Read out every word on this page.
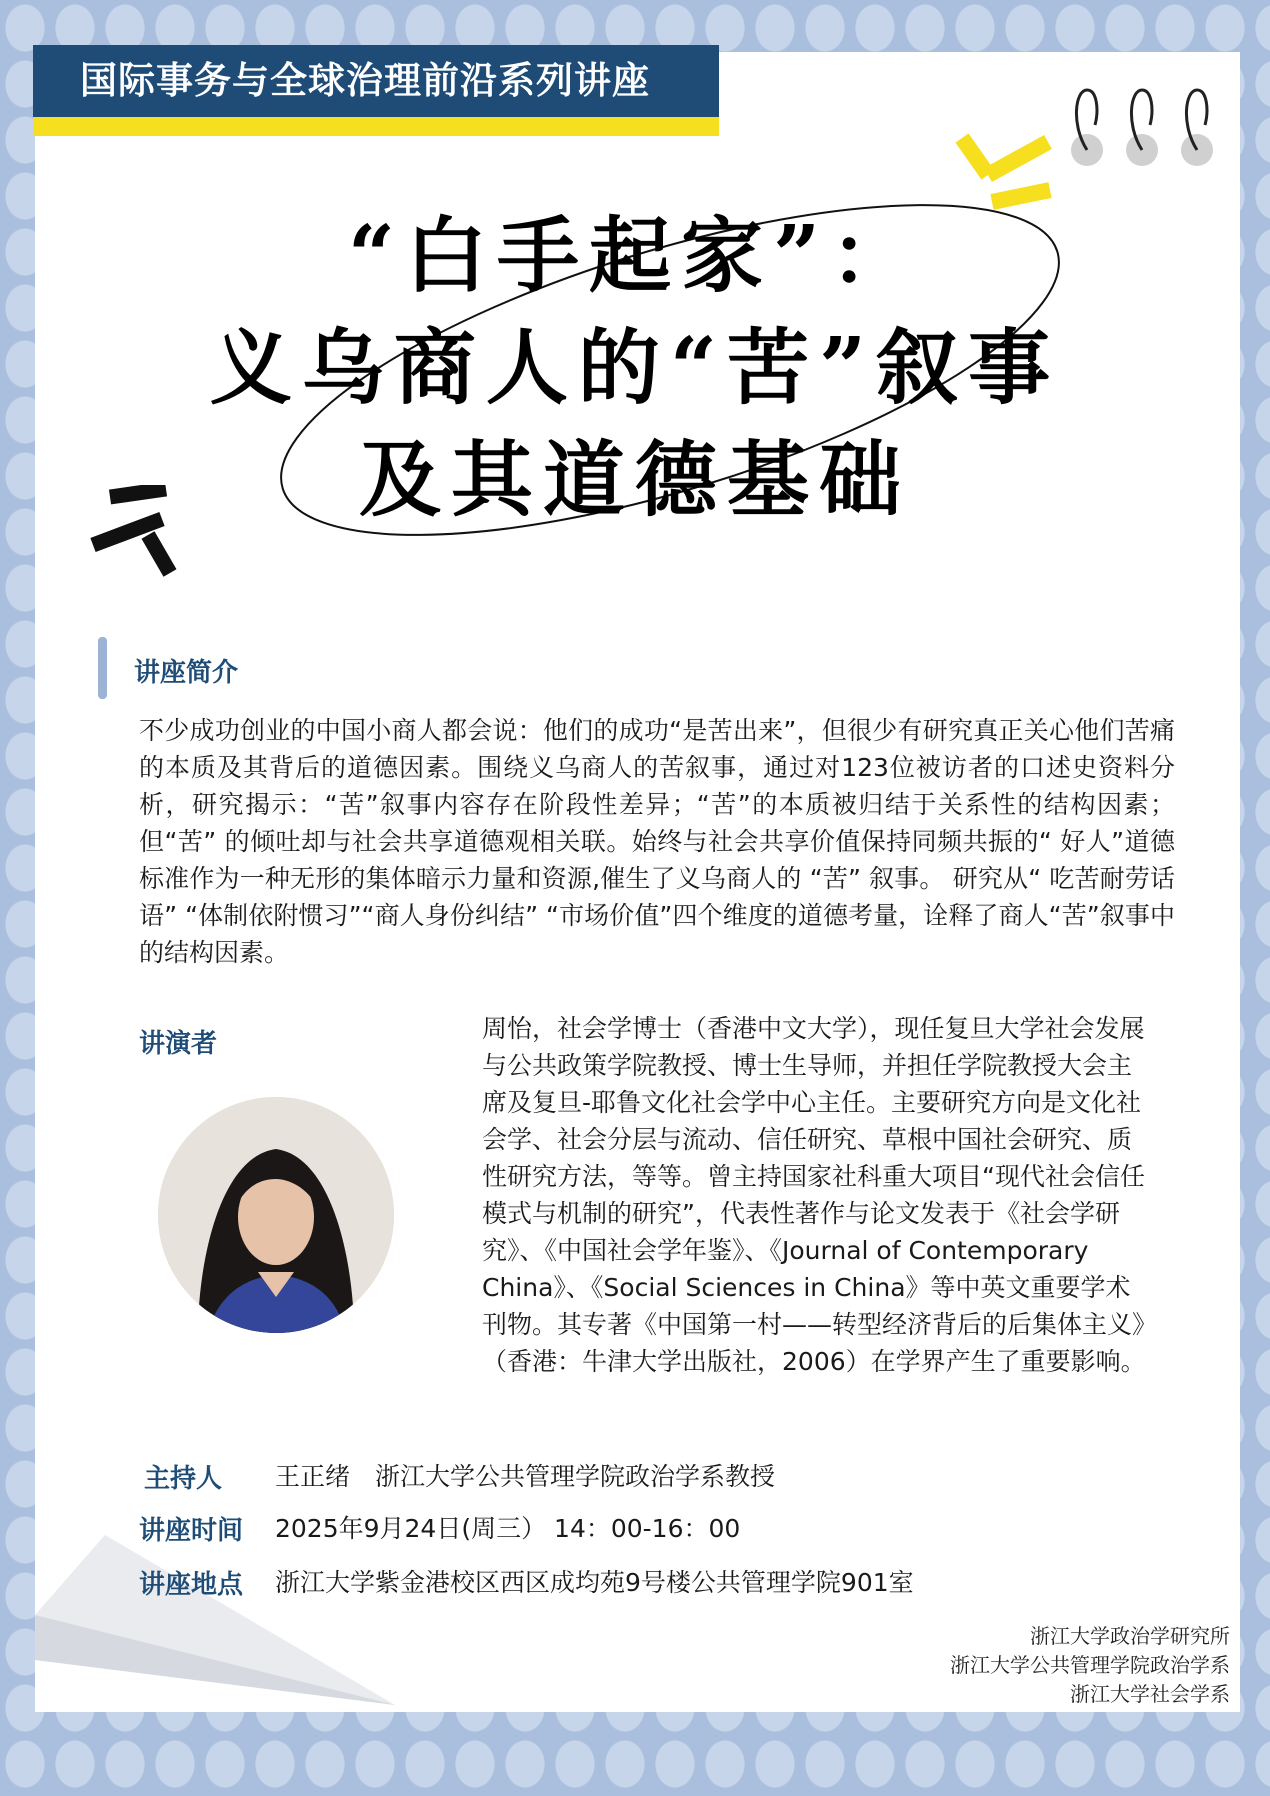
国际事务与全球治理前沿系列讲座
“白手起家”：
义乌商人的“苦”叙事
及其道德基础
讲座简介
不少成功创业的中国小商人都会说：他们的成功“是苦出来”，但很少有研究真正关心他们苦痛的本质及其背后的道德因素。围绕义乌商人的苦叙事，通过对123位被访者的口述史资料分析，研究揭示：“苦”叙事内容存在阶段性差异；“苦”的本质被归结于关系性的结构因素；但“苦” 的倾吐却与社会共享道德观相关联。始终与社会共享价值保持同频共振的“ 好人”道德标准作为一种无形的集体暗示力量和资源,催生了义乌商人的 “苦” 叙事。 研究从“ 吃苦耐劳话语” “体制依附惯习”“商人身份纠结” “市场价值”四个维度的道德考量，诠释了商人“苦”叙事中的结构因素。
讲演者
周怡，社会学博士（香港中文大学），现任复旦大学社会发展与公共政策学院教授、博士生导师，并担任学院教授大会主席及复旦-耶鲁文化社会学中心主任。主要研究方向是文化社会学、社会分层与流动、信任研究、草根中国社会研究、质性研究方法，等等。曾主持国家社科重大项目“现代社会信任模式与机制的研究”，代表性著作与论文发表于《社会学研究》、《中国社会学年鉴》、《Journal of Contemporary China》、《Social Sciences in China》等中英文重要学术刊物。其专著《中国第一村——转型经济背后的后集体主义》（香港：牛津大学出版社，2006）在学界产生了重要影响。
主持人 王正绪　浙江大学公共管理学院政治学系教授
讲座时间 2025年9月24日(周三） 14：00-16：00
讲座地点 浙江大学紫金港校区西区成均苑9号楼公共管理学院901室
浙江大学政治学研究所
浙江大学公共管理学院政治学系
浙江大学社会学系
